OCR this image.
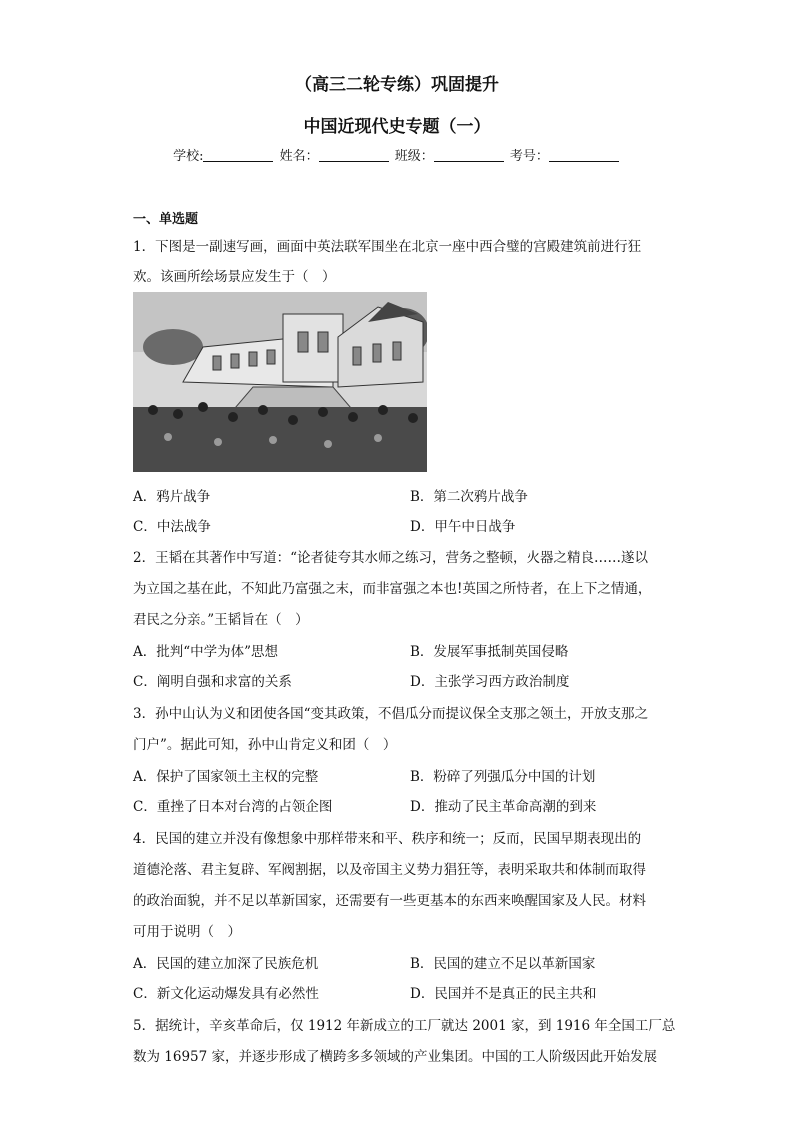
（高三二轮专练）巩固提升
中国近现代史专题（一）
学校:	姓名：	班级：	考号：
一、单选题
1．下图是一副速写画，画面中英法联军围坐在北京一座中西合璧的宫殿建筑前进行狂
欢。该画所绘场景应发生于（　）
A．鸦片战争	B．第二次鸦片战争
C．中法战争	D．甲午中日战争
2．王韬在其著作中写道：“论者徒夸其水师之练习，营务之整顿，火器之精良……遂以
为立国之基在此，不知此乃富强之末，而非富强之本也!英国之所恃者，在上下之情通，
君民之分亲。”王韬旨在（　）
A．批判“中学为体”思想	B．发展军事抵制英国侵略
C．阐明自强和求富的关系	D．主张学习西方政治制度
3．孙中山认为义和团使各国“变其政策，不倡瓜分而提议保全支那之领土，开放支那之
门户”。据此可知，孙中山肯定义和团（　）
A．保护了国家领土主权的完整	B．粉碎了列强瓜分中国的计划
C．重挫了日本对台湾的占领企图	D．推动了民主革命高潮的到来
4．民国的建立并没有像想象中那样带来和平、秩序和统一；反而，民国早期表现出的
道德沦落、君主复辟、军阀割据，以及帝国主义势力猖狂等，表明采取共和体制而取得
的政治面貌，并不足以革新国家，还需要有一些更基本的东西来唤醒国家及人民。材料
可用于说明（　）
A．民国的建立加深了民族危机	B．民国的建立不足以革新国家
C．新文化运动爆发具有必然性	D．民国并不是真正的民主共和
5．据统计，辛亥革命后，仅 1912 年新成立的工厂就达 2001 家，到 1916 年全国工厂总
数为 16957 家，并逐步形成了横跨多多领域的产业集团。中国的工人阶级因此开始发展
